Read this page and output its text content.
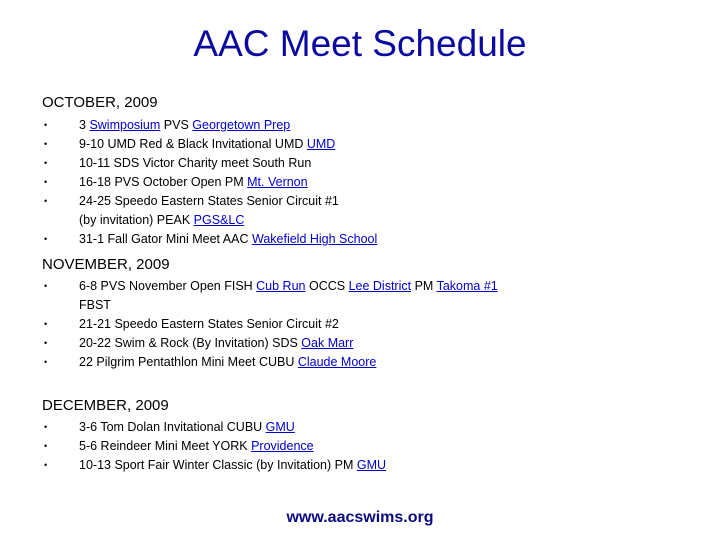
AAC Meet Schedule
OCTOBER, 2009
• 3 Swimposium PVS Georgetown Prep
• 9-10 UMD Red & Black Invitational UMD UMD
• 10-11 SDS Victor Charity meet South Run
• 16-18 PVS October Open PM Mt. Vernon
• 24-25 Speedo Eastern States Senior Circuit #1
(by invitation) PEAK PGS&LC
• 31-1 Fall Gator Mini Meet AAC Wakefield High School
NOVEMBER, 2009
• 6-8 PVS November Open FISH Cub Run OCCS Lee District PM Takoma #1
FBST
• 21-21 Speedo Eastern States Senior Circuit #2
• 20-22 Swim & Rock (By Invitation) SDS Oak Marr
• 22 Pilgrim Pentathlon Mini Meet CUBU Claude Moore
DECEMBER, 2009
• 3-6 Tom Dolan Invitational CUBU GMU
• 5-6 Reindeer Mini Meet YORK Providence
• 10-13 Sport Fair Winter Classic (by Invitation) PM GMU
www.aacswims.org
